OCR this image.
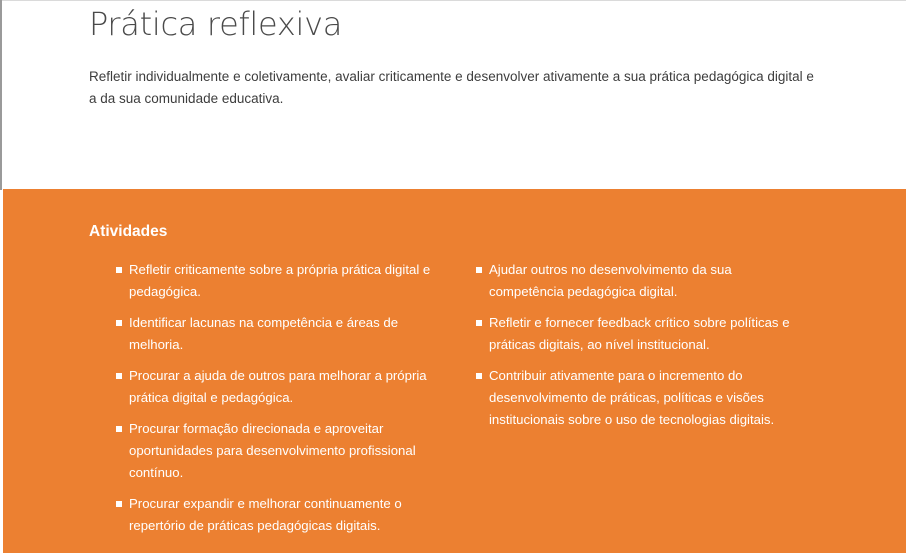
Prática reflexiva

Refletir individualmente e coletivamente, avaliar criticamente e desenvolver ativamente a sua prática pedagógica digital e a da sua comunidade educativa.

Atividades
Refletir criticamente sobre a própria prática digital e pedagógica.
Identificar lacunas na competência e áreas de melhoria.
Procurar a ajuda de outros para melhorar a própria prática digital e pedagógica.
Procurar formação direcionada e aproveitar oportunidades para desenvolvimento profissional contínuo.
Procurar expandir e melhorar continuamente o repertório de práticas pedagógicas digitais.
Ajudar outros no desenvolvimento da sua competência pedagógica digital.
Refletir e fornecer feedback crítico sobre políticas e práticas digitais, ao nível institucional.
Contribuir ativamente para o incremento do desenvolvimento de práticas, políticas e visões institucionais sobre o uso de tecnologias digitais.
